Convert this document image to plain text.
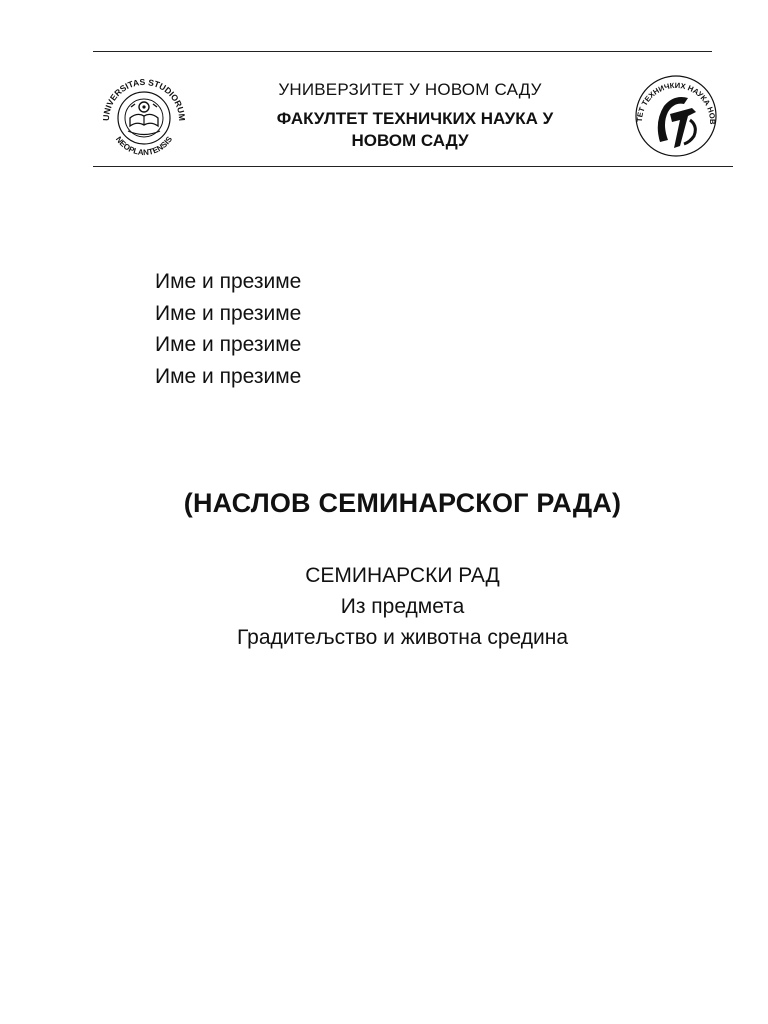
UNIVERSITAS STUDIORUM
NEOPLANTENSIS
УНИВЕРЗИТЕТ У НОВОМ САДУ
ФАКУЛТЕТ ТЕХНИЧКИХ НАУКА У
НОВОМ САДУ
ТЕТ ТЕХНИЧКИХ НАУКА НОВ
Име и презиме
Име и презиме
Име и презиме
Име и презиме
(НАСЛОВ СЕМИНАРСКОГ РАДА)
СЕМИНАРСКИ РАД
Из предмета
Градитељство и животна средина
